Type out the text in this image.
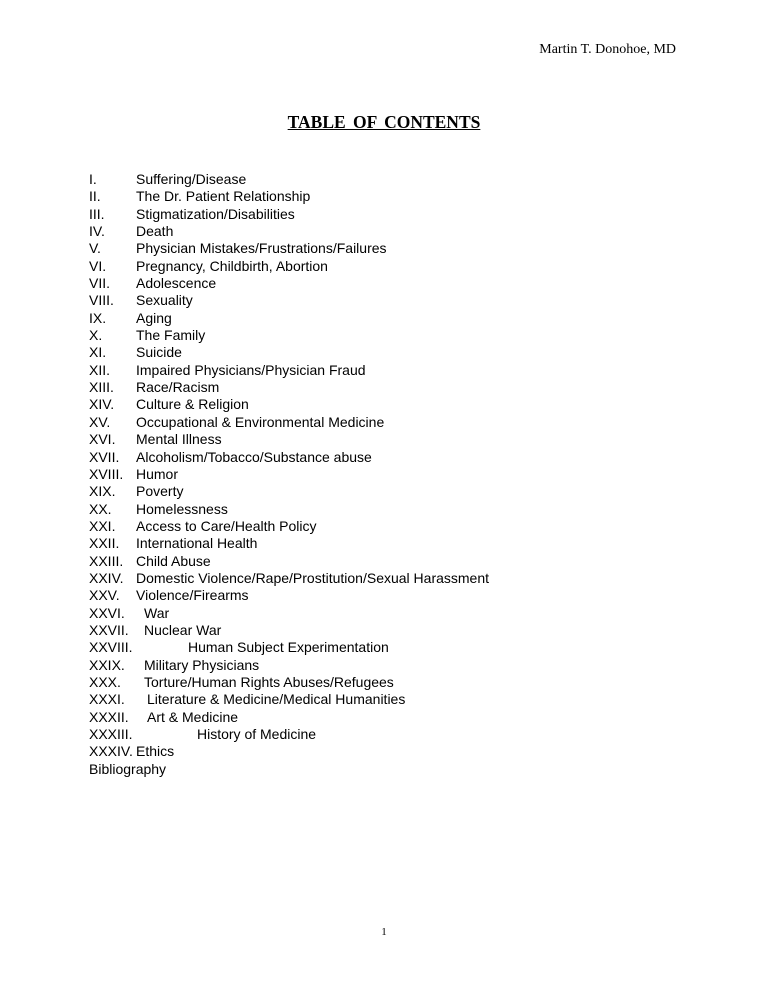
Martin T. Donohoe, MD
TABLE OF CONTENTS
I.	Suffering/Disease
II.	The Dr. Patient Relationship
III. Stigmatization/Disabilities
IV. Death
V.	Physician Mistakes/Frustrations/Failures
VI. Pregnancy, Childbirth, Abortion
VII. Adolescence
VIII. Sexuality
IX. Aging
X. The Family
XI. Suicide
XII. Impaired Physicians/Physician Fraud
XIII. Race/Racism
XIV. Culture & Religion
XV. Occupational & Environmental Medicine
XVI. Mental Illness
XVII. Alcoholism/Tobacco/Substance abuse
XVIII. Humor
XIX. Poverty
XX. Homelessness
XXI. Access to Care/Health Policy
XXII. International Health
XXIII. Child Abuse
XXIV. Domestic Violence/Rape/Prostitution/Sexual Harassment
XXV. Violence/Firearms
XXVI. War
XXVII. Nuclear War
XXVIII.	Human Subject Experimentation
XXIX. Military Physicians
XXX. Torture/Human Rights Abuses/Refugees
XXXI. Literature & Medicine/Medical Humanities
XXXII. Art & Medicine
XXXIII.	History of Medicine
XXXIV. Ethics
Bibliography
1
